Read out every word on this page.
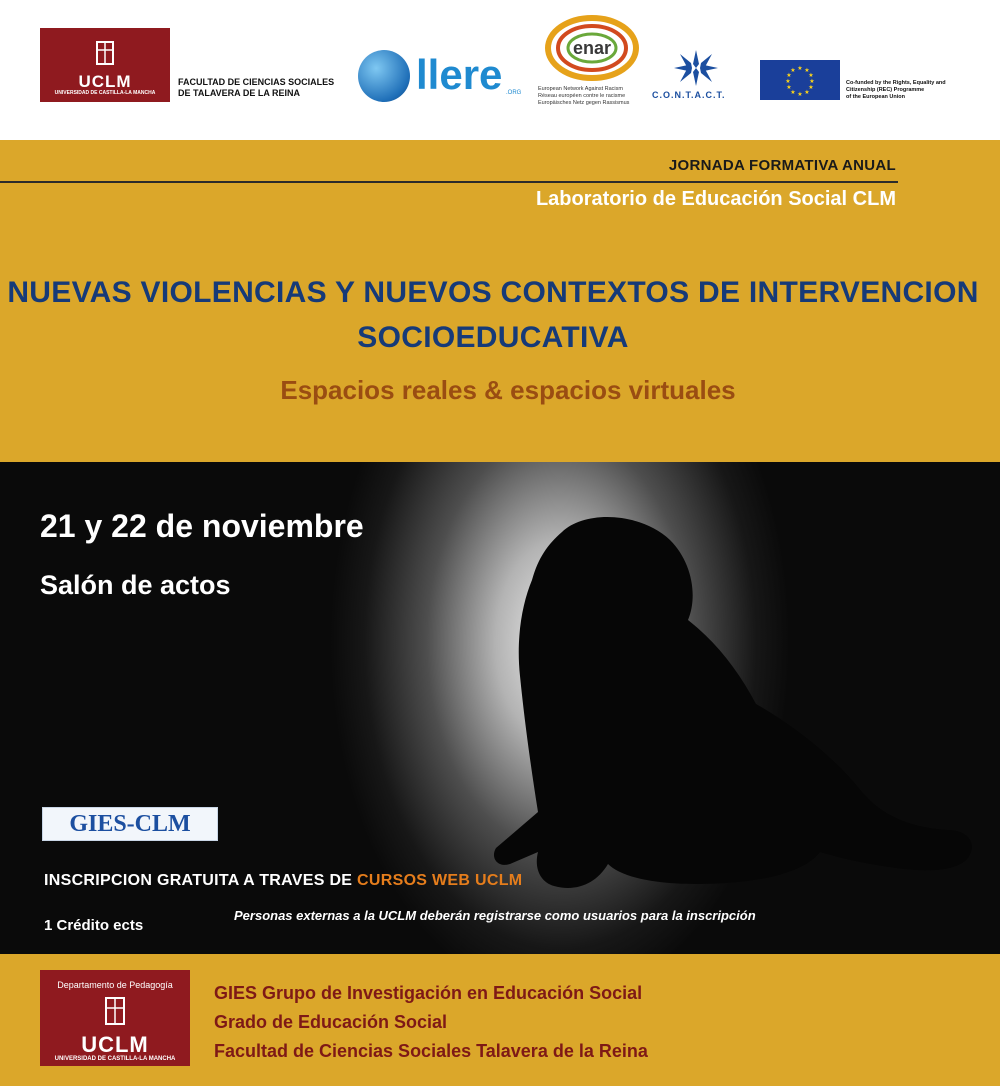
UCLM
UNIVERSIDAD DE CASTILLA-LA MANCHA
FACULTAD DE CIENCIAS SOCIALES
DE TALAVERA DE LA REINA	llere .ORG
enar
European Network Against Racism
Réseau européen contre le racisme
Europäisches Netz gegen Rassismus
C.O.N.T.A.C.T.
★ ★
★
★
★
★
★
★
★
★
★
★
Co-funded by the Rights, Equality and
Citizenship (REC) Programme
of the European Union
JORNADA FORMATIVA ANUAL
Laboratorio de Educación Social CLM
NUEVAS VIOLENCIAS Y NUEVOS CONTEXTOS DE INTERVENCION
SOCIOEDUCATIVA
Espacios reales & espacios virtuales
21 y 22 de noviembre
Salón de actos
GIES-CLM
INSCRIPCION GRATUITA A TRAVES DE CURSOS WEB UCLM
1 Crédito ects
Personas externas a la UCLM deberán registrarse como usuarios para la inscripción
Departamento de Pedagogía
UCLM
UNIVERSIDAD DE CASTILLA-LA MANCHA
GIES Grupo de Investigación en Educación Social
Grado de Educación Social
Facultad de Ciencias Sociales Talavera de la Reina
